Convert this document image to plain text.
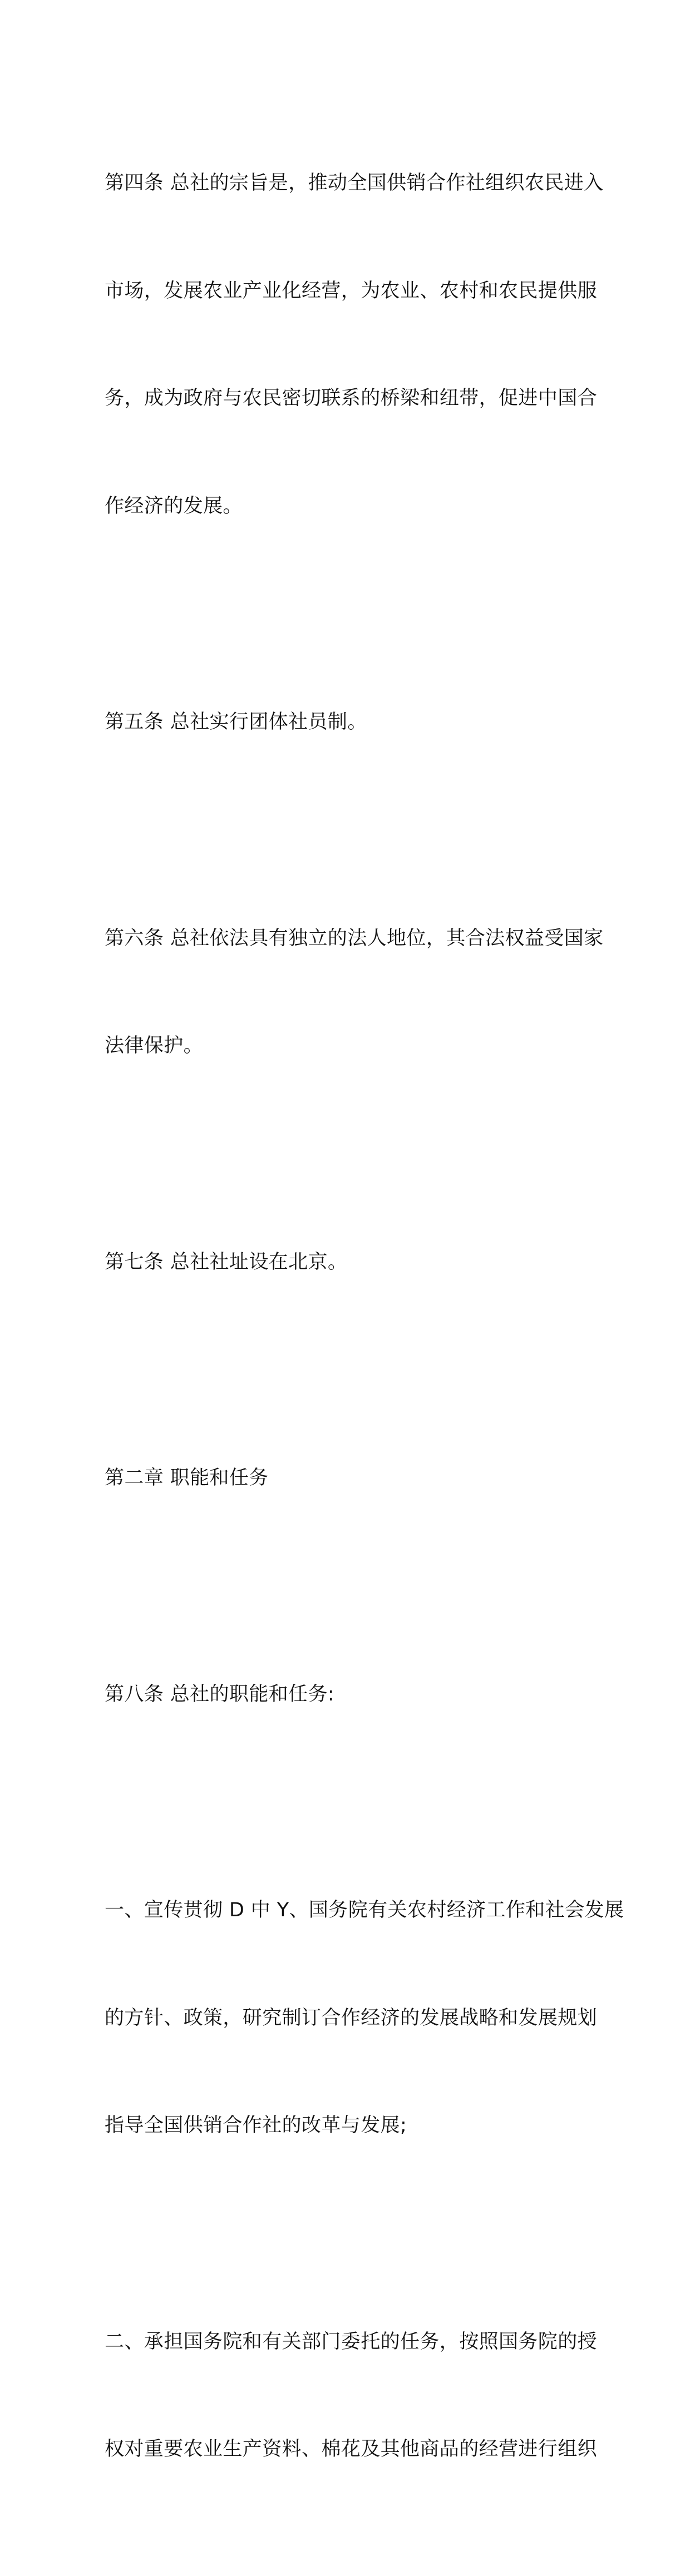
第四条 总社的宗旨是，推动全国供销合作社组织农民进入

市场，发展农业产业化经营，为农业、农村和农民提供服

务，成为政府与农民密切联系的桥梁和纽带，促进中国合

作经济的发展。

第五条 总社实行团体社员制。

第六条 总社依法具有独立的法人地位，其合法权益受国家

法律保护。

第七条 总社社址设在北京。

第二章 职能和任务

第八条 总社的职能和任务:

一、宣传贯彻 D 中 Y、国务院有关农村经济工作和社会发展

的方针、政策，研究制订合作经济的发展战略和发展规划

指导全国供销合作社的改革与发展;

二、承担国务院和有关部门委托的任务，按照国务院的授

权对重要农业生产资料、棉花及其他商品的经营进行组织
